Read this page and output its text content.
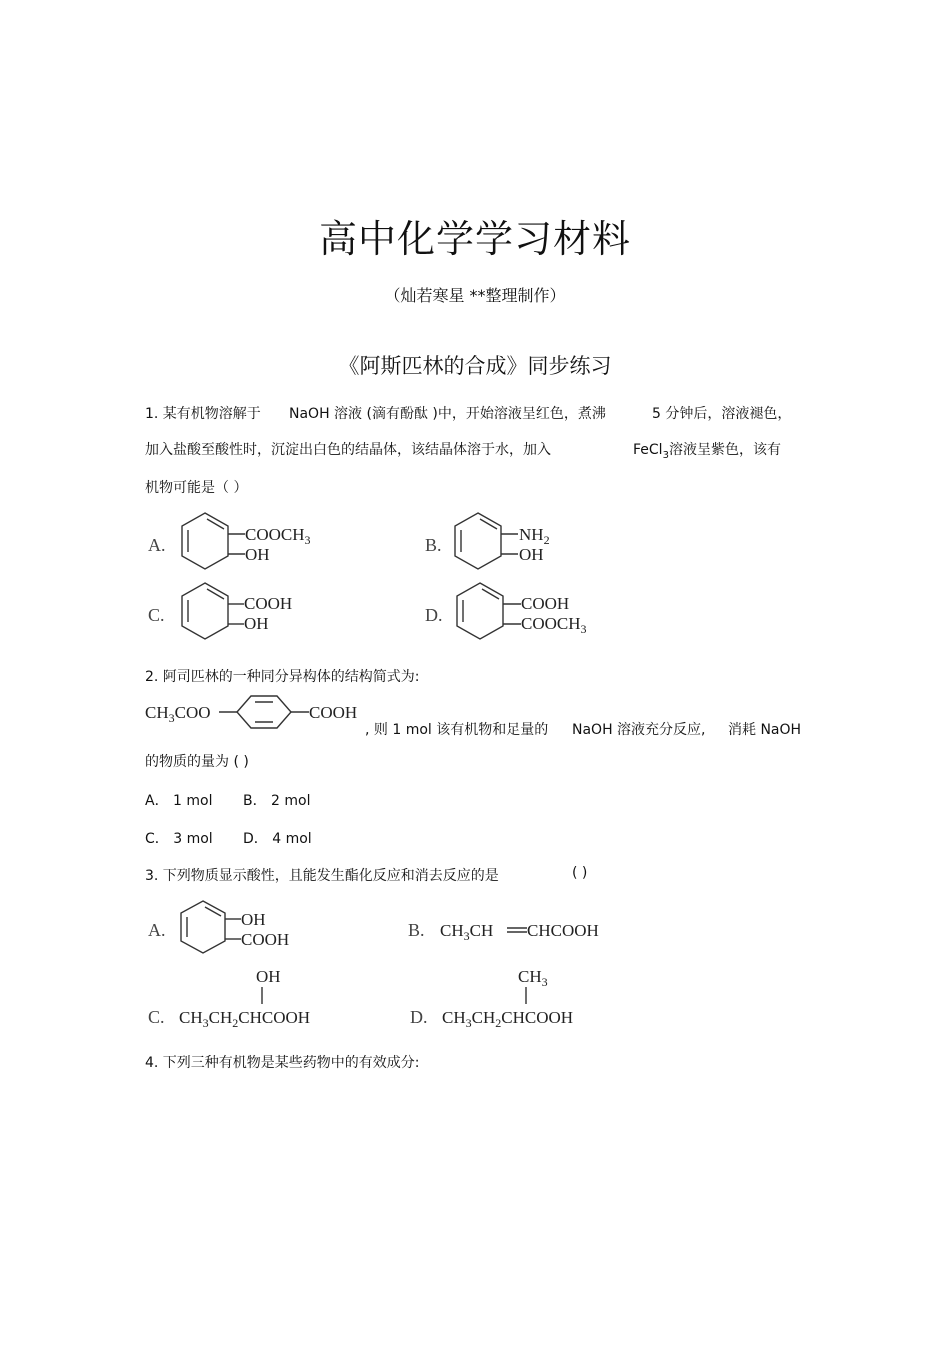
高中化学学习材料
（灿若寒星 **整理制作）
《阿斯匹林的合成》同步练习
1. 某有机物溶解于 NaOH 溶液 (滴有酚酞 )中，开始溶液呈红色，煮沸	5 分钟后，溶液褪色，
加入盐酸至酸性时，沉淀出白色的结晶体，该结晶体溶于水，加入	FeCl$_3$溶液呈紫色，该有
机物可能是（ ）
A.
$COOCH_3$
OH	B.
$NH_2$
OH
C.
COOH
OH	D.
COOH
$COOCH_3$
2. 阿司匹林的一种同分异构体的结构简式为:
$CH_3COO$	COOH
, 则 1 mol 该有机物和足量的 NaOH 溶液充分反应, 消耗 NaOH
的物质的量为 ( )
A． 1 mol B． 2 mol
C． 3 mol D． 4 mol
3. 下列物质显示酸性，且能发生酯化反应和消去反应的是	( )
A.
OH
COOH	B. $CH_3CH$ CHCOOH
OH
C. $CH_3CH_2CHCOOH$
$CH_3$
D. $CH_3CH_2CHCOOH$
4. 下列三种有机物是某些药物中的有效成分:
